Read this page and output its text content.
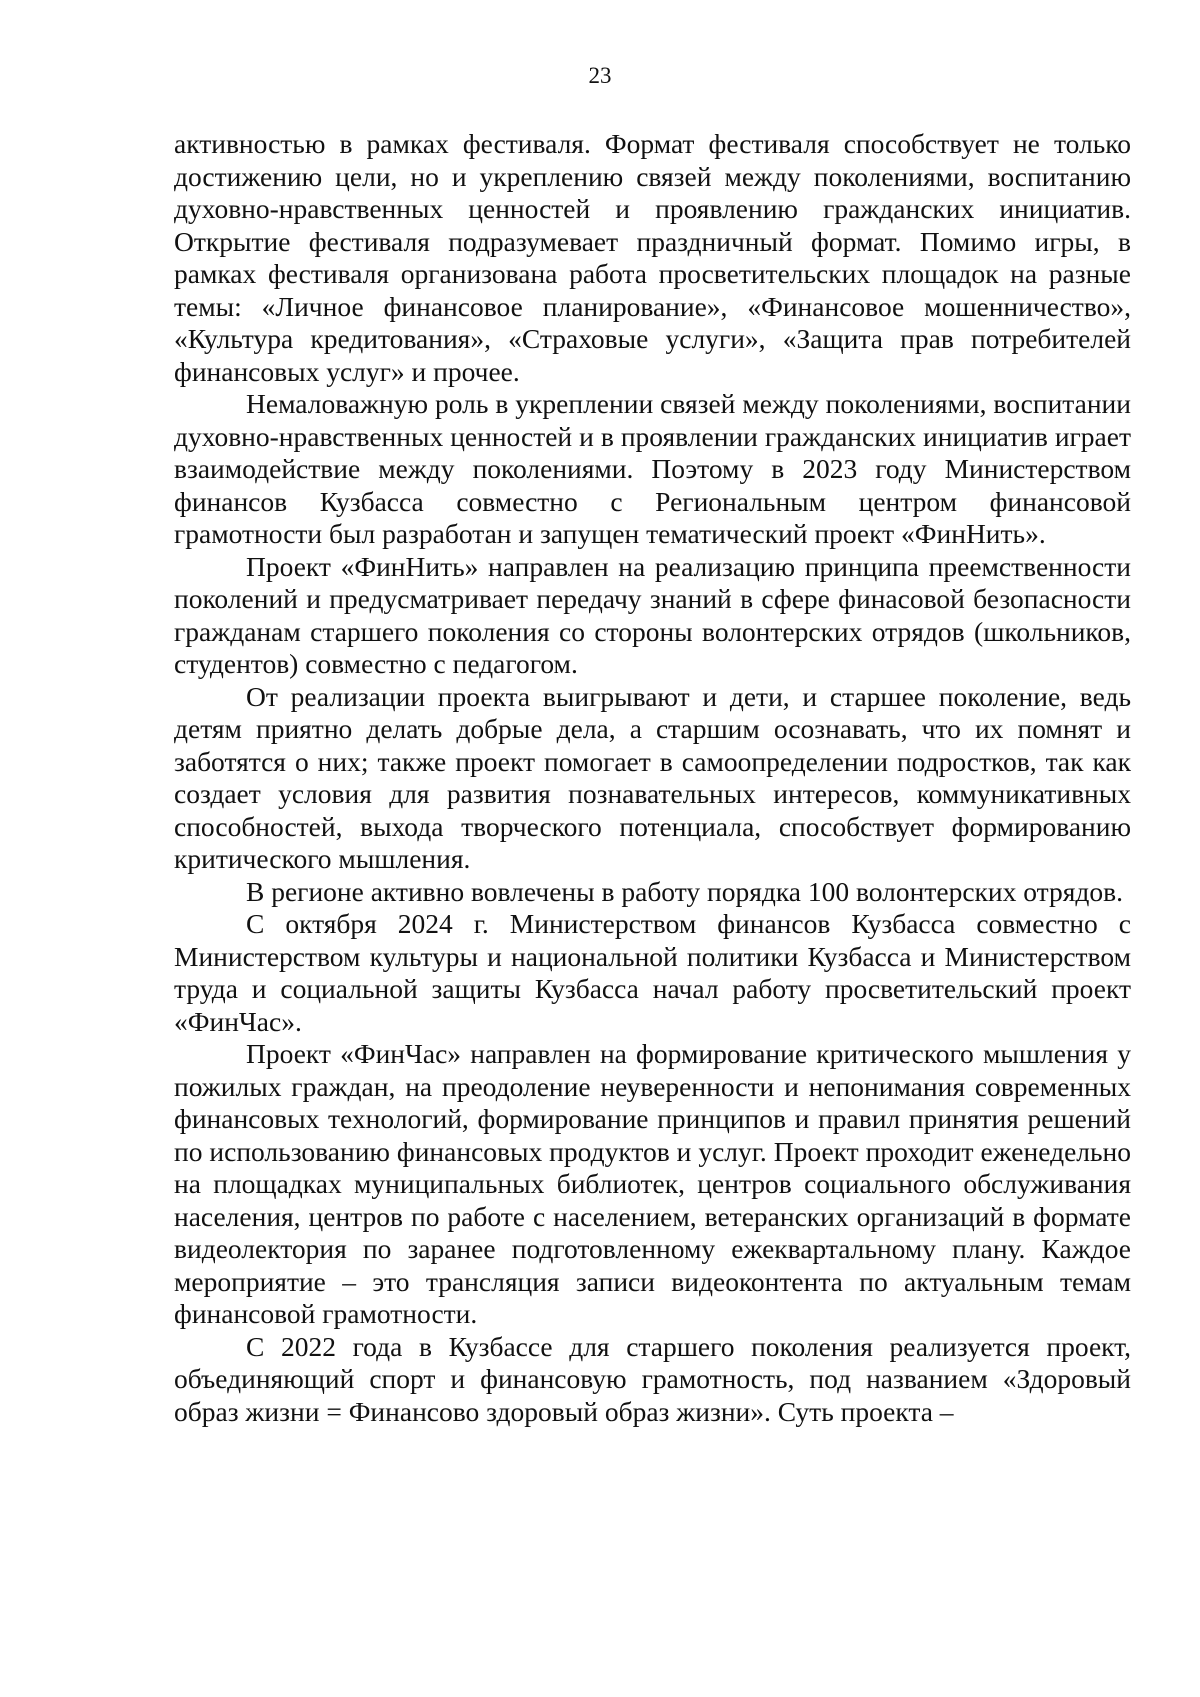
23

активностью в рамках фестиваля. Формат фестиваля способствует не только достижению цели, но и укреплению связей между поколениями, воспитанию духовно-нравственных ценностей и проявлению гражданских инициатив. Открытие фестиваля подразумевает праздничный формат. Помимо игры, в рамках фестиваля организована работа просветительских площадок на разные темы: «Личное финансовое планирование», «Финансовое мошенничество», «Культура кредитования», «Страховые услуги», «Защита прав потребителей финансовых услуг» и прочее.

Немаловажную роль в укреплении связей между поколениями, воспитании духовно-нравственных ценностей и в проявлении гражданских инициатив играет взаимодействие между поколениями. Поэтому в 2023 году Министерством финансов Кузбасса совместно с Региональным центром финансовой грамотности был разработан и запущен тематический проект «ФинНить».

Проект «ФинНить» направлен на реализацию принципа преемственности поколений и предусматривает передачу знаний в сфере финасовой безопасности гражданам старшего поколения со стороны волонтерских отрядов (школьников, студентов) совместно с педагогом.

От реализации проекта выигрывают и дети, и старшее поколение, ведь детям приятно делать добрые дела, а старшим осознавать, что их помнят и заботятся о них; также проект помогает в самоопределении подростков, так как создает условия для развития познавательных интересов, коммуникативных способностей, выхода творческого потенциала, способствует формированию критического мышления.

В регионе активно вовлечены в работу порядка 100 волонтерских отрядов.

С октября 2024 г. Министерством финансов Кузбасса совместно с Министерством культуры и национальной политики Кузбасса и Министерством труда и социальной защиты Кузбасса начал работу просветительский проект «ФинЧас».

Проект «ФинЧас» направлен на формирование критического мышления у пожилых граждан, на преодоление неуверенности и непонимания современных финансовых технологий, формирование принципов и правил принятия решений по использованию финансовых продуктов и услуг. Проект проходит еженедельно на площадках муниципальных библиотек, центров социального обслуживания населения, центров по работе с населением, ветеранских организаций в формате видеолектория по заранее подготовленному ежеквартальному плану. Каждое мероприятие – это трансляция записи видеоконтента по актуальным темам финансовой грамотности.

С 2022 года в Кузбассе для старшего поколения реализуется проект, объединяющий спорт и финансовую грамотность, под названием «Здоровый образ жизни = Финансово здоровый образ жизни». Суть проекта –
